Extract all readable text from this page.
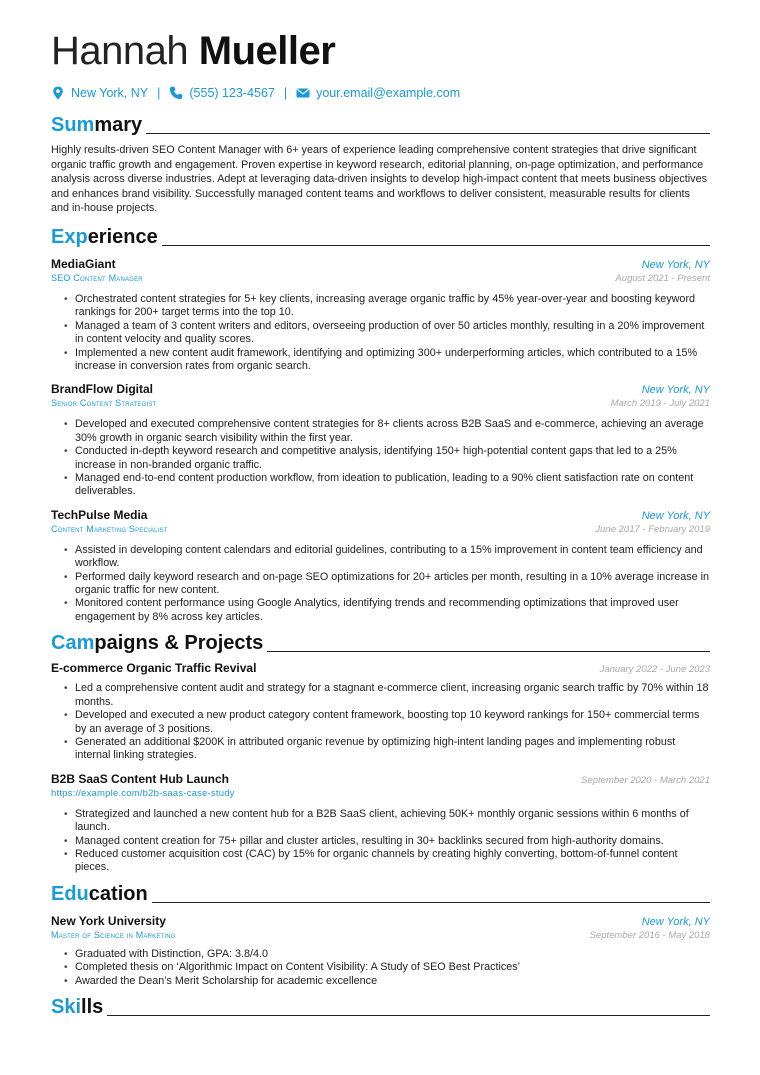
Hannah Mueller
New York, NY | (555) 123-4567 | your.email@example.com
Summary
Highly results-driven SEO Content Manager with 6+ years of experience leading comprehensive content strategies that drive significant organic traffic growth and engagement. Proven expertise in keyword research, editorial planning, on-page optimization, and performance analysis across diverse industries. Adept at leveraging data-driven insights to develop high-impact content that meets business objectives and enhances brand visibility. Successfully managed content teams and workflows to deliver consistent, measurable results for clients and in-house projects.
Experience
MediaGiant	New York, NY
SEO Content Manager	August 2021 - Present
• Orchestrated content strategies for 5+ key clients, increasing average organic traffic by 45% year-over-year and boosting keyword rankings for 200+ target terms into the top 10.
• Managed a team of 3 content writers and editors, overseeing production of over 50 articles monthly, resulting in a 20% improvement in content velocity and quality scores.
• Implemented a new content audit framework, identifying and optimizing 300+ underperforming articles, which contributed to a 15% increase in conversion rates from organic search.
BrandFlow Digital	New York, NY
Senior Content Strategist	March 2019 - July 2021
• Developed and executed comprehensive content strategies for 8+ clients across B2B SaaS and e-commerce, achieving an average 30% growth in organic search visibility within the first year.
• Conducted in-depth keyword research and competitive analysis, identifying 150+ high-potential content gaps that led to a 25% increase in non-branded organic traffic.
• Managed end-to-end content production workflow, from ideation to publication, leading to a 90% client satisfaction rate on content deliverables.
TechPulse Media	New York, NY
Content Marketing Specialist	June 2017 - February 2019
• Assisted in developing content calendars and editorial guidelines, contributing to a 15% improvement in content team efficiency and workflow.
• Performed daily keyword research and on-page SEO optimizations for 20+ articles per month, resulting in a 10% average increase in organic traffic for new content.
• Monitored content performance using Google Analytics, identifying trends and recommending optimizations that improved user engagement by 8% across key articles.
Campaigns & Projects
E-commerce Organic Traffic Revival	January 2022 - June 2023
• Led a comprehensive content audit and strategy for a stagnant e-commerce client, increasing organic search traffic by 70% within 18 months.
• Developed and executed a new product category content framework, boosting top 10 keyword rankings for 150+ commercial terms by an average of 3 positions.
• Generated an additional $200K in attributed organic revenue by optimizing high-intent landing pages and implementing robust internal linking strategies.
B2B SaaS Content Hub Launch	September 2020 - March 2021
https://example.com/b2b-saas-case-study
• Strategized and launched a new content hub for a B2B SaaS client, achieving 50K+ monthly organic sessions within 6 months of launch.
• Managed content creation for 75+ pillar and cluster articles, resulting in 30+ backlinks secured from high-authority domains.
• Reduced customer acquisition cost (CAC) by 15% for organic channels by creating highly converting, bottom-of-funnel content pieces.
Education
New York University	New York, NY
Master of Science in Marketing	September 2016 - May 2018
• Graduated with Distinction, GPA: 3.8/4.0
• Completed thesis on ‘Algorithmic Impact on Content Visibility: A Study of SEO Best Practices’
• Awarded the Dean’s Merit Scholarship for academic excellence
Skills
